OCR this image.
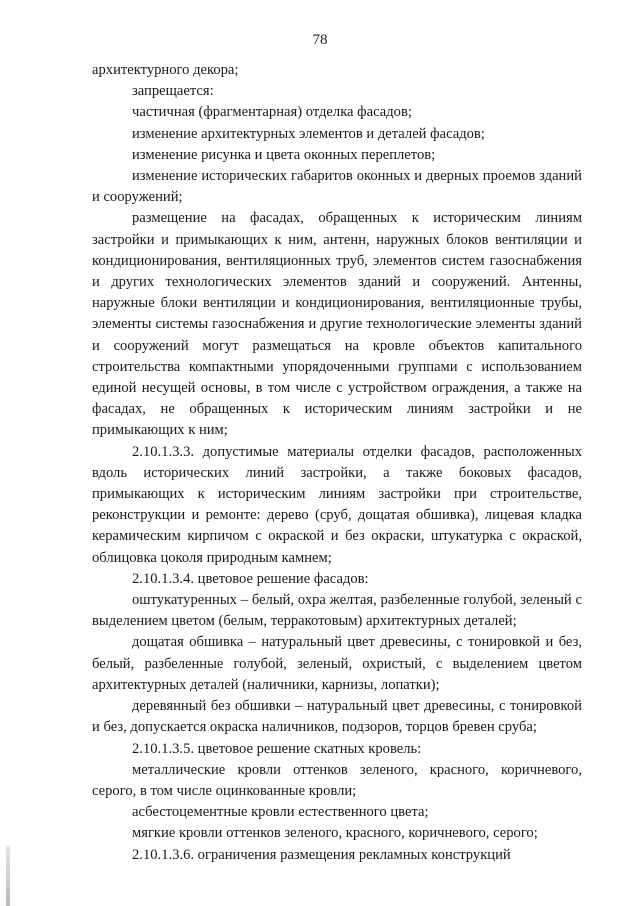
78

архитектурного декора;

запрещается:

частичная (фрагментарная) отделка фасадов;

изменение архитектурных элементов и деталей фасадов;

изменение рисунка и цвета оконных переплетов;

изменение исторических габаритов оконных и дверных проемов зданий и сооружений;

размещение на фасадах, обращенных к историческим линиям застройки и примыкающих к ним, антенн, наружных блоков вентиляции и кондиционирования, вентиляционных труб, элементов систем газоснабжения и других технологических элементов зданий и сооружений. Антенны, наружные блоки вентиляции и кондиционирования, вентиляционные трубы, элементы системы газоснабжения и другие технологические элементы зданий и сооружений могут размещаться на кровле объектов капитального строительства компактными упорядоченными группами с использованием единой несущей основы, в том числе с устройством ограждения, а также на фасадах, не обращенных к историческим линиям застройки и не примыкающих к ним;

2.10.1.3.3. допустимые материалы отделки фасадов, расположенных вдоль исторических линий застройки, а также боковых фасадов, примыкающих к историческим линиям застройки при строительстве, реконструкции и ремонте: дерево (сруб, дощатая обшивка), лицевая кладка керамическим кирпичом с окраской и без окраски, штукатурка с окраской, облицовка цоколя природным камнем;

2.10.1.3.4. цветовое решение фасадов:

оштукатуренных – белый, охра желтая, разбеленные голубой, зеленый с выделением цветом (белым, терракотовым) архитектурных деталей;

дощатая обшивка – натуральный цвет древесины, с тонировкой и без, белый, разбеленные голубой, зеленый, охристый, с выделением цветом архитектурных деталей (наличники, карнизы, лопатки);

деревянный без обшивки – натуральный цвет древесины, с тонировкой и без, допускается окраска наличников, подзоров, торцов бревен сруба;

2.10.1.3.5. цветовое решение скатных кровель:

металлические кровли оттенков зеленого, красного, коричневого, серого, в том числе оцинкованные кровли;

асбестоцементные кровли естественного цвета;

мягкие кровли оттенков зеленого, красного, коричневого, серого;

2.10.1.3.6. ограничения размещения рекламных конструкций
